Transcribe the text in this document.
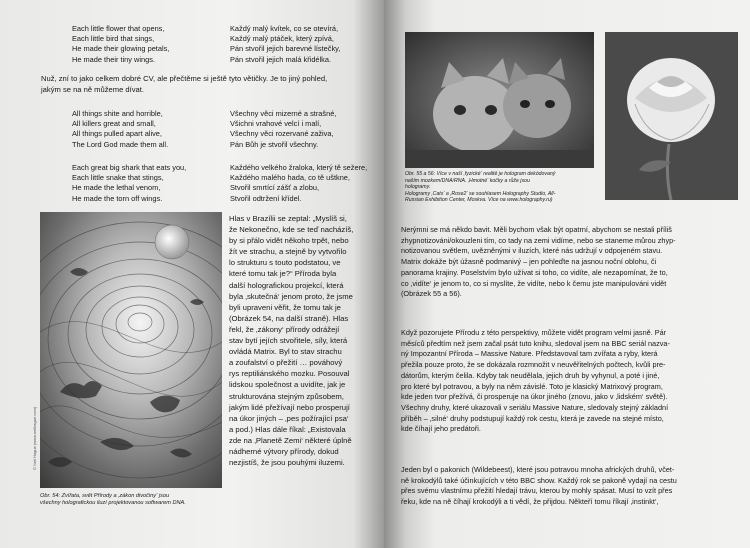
Each little flower that opens,
Each little bird that sings,
He made their glowing petals,
He made their tiny wings.
Každý malý kvítek, co se otevírá,
Každý malý ptáček, který zpívá,
Pán stvořil jejich barevné lístečky,
Pán stvořil jejich malá křidélka.
Nuž, zní to jako celkem dobré CV, ale přečtěme si ještě tyto větičky. Je to jiný pohled,
jakým se na ně můžeme dívat.
All things shite and horrible,
All killers great and small,
All things pulled apart alive,
The Lord God made them all.
Všechny věci mizerné a strašné,
Všichni vrahové velcí i malí,
Všechny věci rozervané zaživa,
Pán Bůh je stvořil všechny.
Each great big shark that eats you,
Each little snake that stings,
He made the lethal venom,
He made the torn off wings.
Každého velkého žraloka, který tě sežere,
Každého malého hada, co tě uštkne,
Stvořil smrtící zášť a zlobu,
Stvořil odtržení křídel.
© Neil Hague (www.neilhague.com)
Hlas v Brazílii se zeptal: „Myslíš si,
že Nekonečno, kde se teď nacházíš,
by si přálo vidět někoho trpět, nebo
žít ve strachu, a stejně by vytvořilo
lo strukturu s touto podstatou, ve
které tomu tak je?“ Příroda byla
další holografickou projekcí, která
byla ‚skutečná‘ jenom proto, že jsme
byli upraveni věřit, že tomu tak je
(Obrázek 54, na další straně). Hlas
řekl, že ‚zákony‘ přírody odrážejí
stav bytí jejích stvořitele, síly, která
ovládá Matrix. Byl to stav strachu
a zoufalství o přežití … pováhový
rys reptiliánského mozku. Posouval
lidskou společnost a uvidíte, jak je
strukturována stejným způsobem,
jakým lidé přežívají nebo prosperují
na úkor jiných – ‚pes požírající psa‘
a pod.) Hlas dále říkal: „Existovala
zde na ‚Planetě Zemi‘ některé úplně
nádherné výtvory přírody, dokud
nezjistíš, že jsou pouhými iluzemi.
Obr. 54: Zvířata, svět Přírody a ‚zákon divočiny‘ jsou
všechny holografickou iluzí projektovanou softwarem DNA.
Obr. 55 a 56: Více v naší ‚fyzické‘ realitě je hologram dekódovaný
naším mozkem/DNA/RNA. ‚Hmotné‘ kočky a růže jsou
hologramy.
Hologramy ‚Cats‘ a ‚Rose2‘ se souhlasem Holography Studio, All-
Russian Exhibition Center, Moskva. Více na www.holography.ru)
Nerýmni se má někdo bavit. Měli bychom však být opatrní, abychom se nestali příliš
zhypnotizováni/okouzleni tím, co tady na zemi vidíme, nebo se staneme můrou zhyp-
notizovanou světlem, uvězněnými v iluzích, které nás udržují v odpojeném stavu.
Matrix dokáže být úžasně podmanivý – jen pohleďte na jasnou noční oblohu, či
panorama krajiny. Poselstvím bylo užívat si toho, co vidíte, ale nezapomínat, že to,
co ‚vidíte‘ je jenom to, co si myslíte, že vidíte, nebo k čemu jste manipulováni vidět
(Obrázek 55 a 56).
Když pozorujete Přírodu z této perspektivy, můžete vidět program velmi jasně. Pár
měsíců předtím než jsem začal psát tuto knihu, sledoval jsem na BBC seriál nazva-
ný Impozantní Příroda – Massive Nature. Představoval tam zvířata a ryby, která
přežila pouze proto, že se dokázala rozmnožit v neuvěřitelných počtech, kvůli pre-
dátorům, kterým čelila. Kdyby tak neudělala, jejich druh by vyhynul, a poté i jiné,
pro které byl potravou, a byly na něm závislé. Toto je klasický Matrixový program,
kde jeden tvor přežívá, či prosperuje na úkor jiného (znovu, jako v ‚lidském‘ světě).
Všechny druhy, které ukazovali v seriálu Massive Nature, sledovaly stejný základní
příběh – ‚silné‘ druhy podstupují každý rok cestu, která je zavede na stejné místo,
kde číhají jeho predátoři.
Jeden byl o pakonich (Wildebeest), které jsou potravou mnoha afrických druhů, včet-
ně krokodýlů také účinkujících v této BBC show. Každý rok se pakoně vydají na cestu
přes svému vlastnímu přežití hledají trávu, kterou by mohly spásat. Musí to vzít přes
řeku, kde na ně číhají krokodýli a ti vědí, že přijdou. Někteří tomu říkají ‚instinkt‘,
